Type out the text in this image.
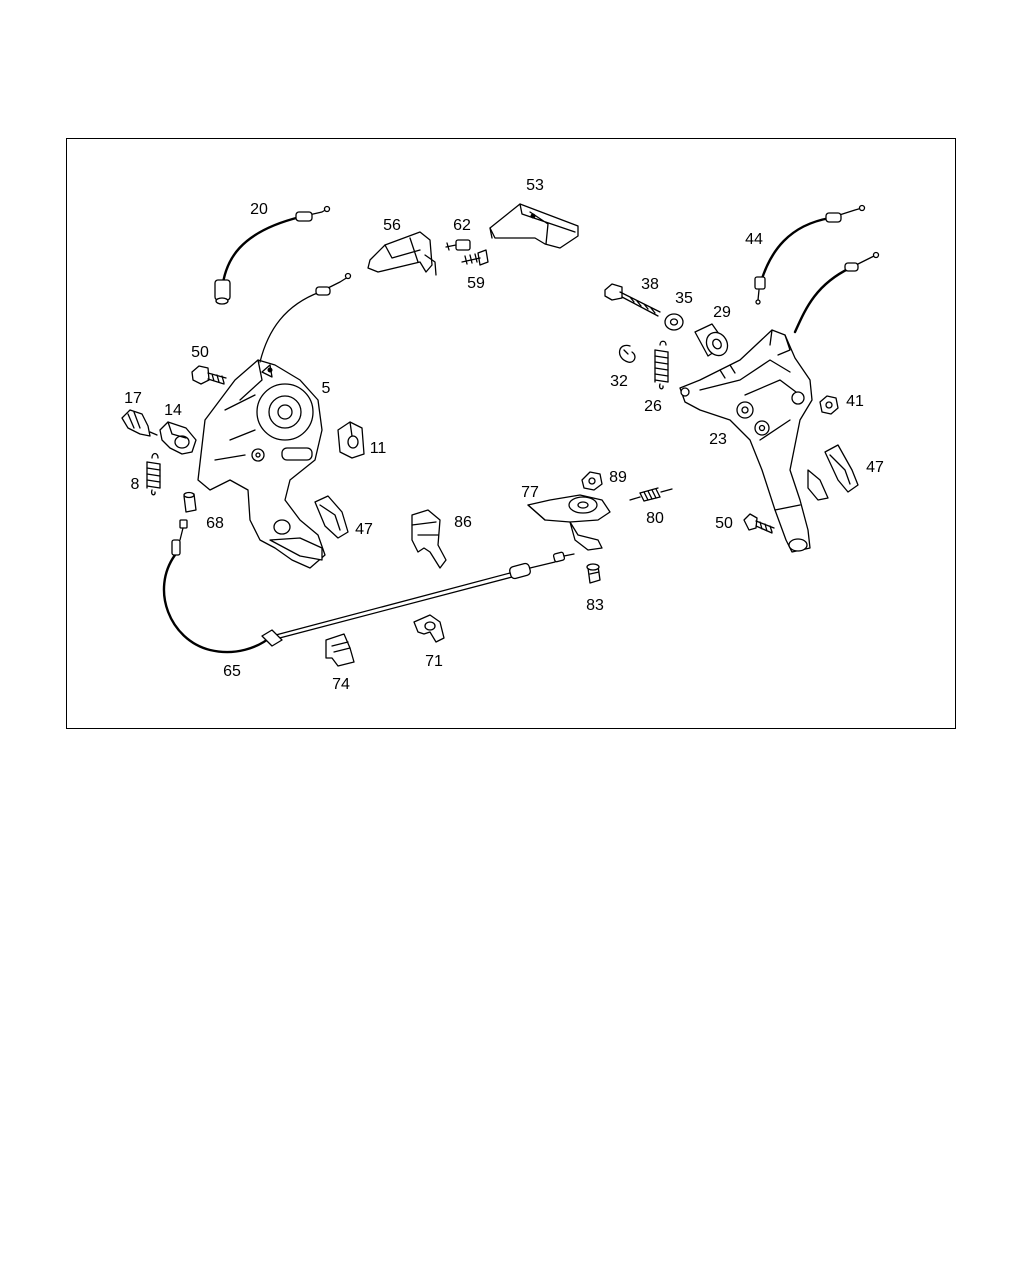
20
56	62
53
59
44
38
35
29
50
5
17
14
11
8
68	47
32
26	41
23
47
89
77
86	80	50
83
65
74
71
